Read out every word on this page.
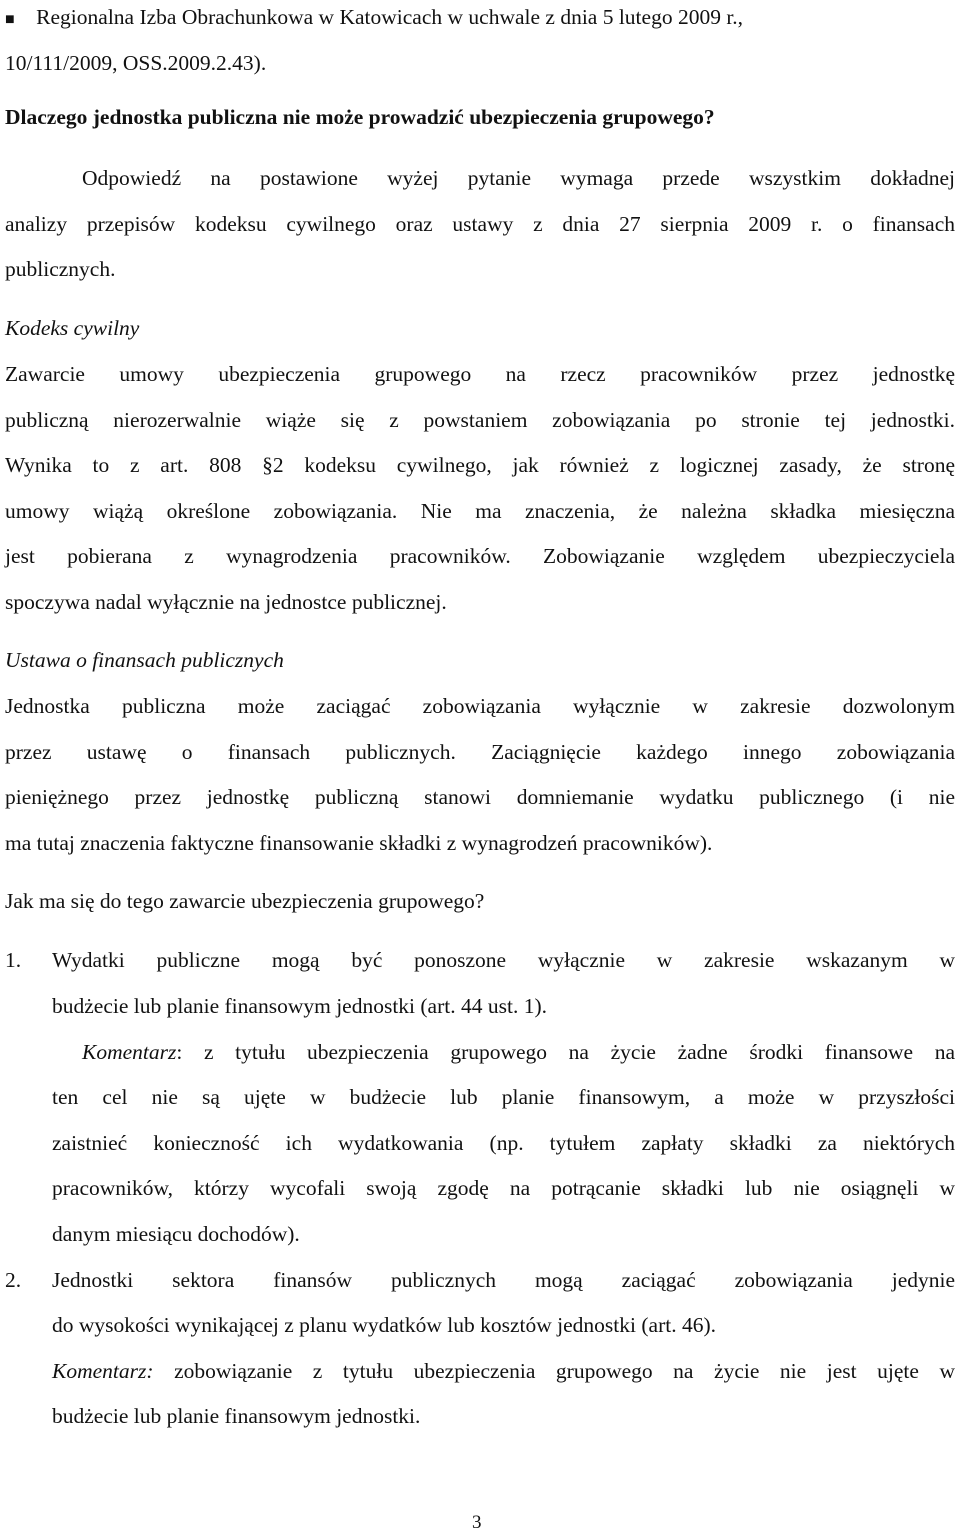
■ Regionalna Izba Obrachunkowa w Katowicach w uchwale z dnia 5 lutego 2009 r.,
10/111/2009, OSS.2009.2.43).
Dlaczego jednostka publiczna nie może prowadzić ubezpieczenia grupowego?
Odpowiedź na postawione wyżej pytanie wymaga przede wszystkim dokładnej
analizy przepisów kodeksu cywilnego oraz ustawy z dnia 27 sierpnia 2009 r. o finansach
publicznych.
Kodeks cywilny
Zawarcie umowy ubezpieczenia grupowego na rzecz pracowników przez jednostkę
publiczną nierozerwalnie wiąże się z powstaniem zobowiązania po stronie tej jednostki.
Wynika to z art. 808 §2 kodeksu cywilnego, jak również z logicznej zasady, że stronę
umowy wiążą określone zobowiązania. Nie ma znaczenia, że należna składka miesięczna
jest pobierana z wynagrodzenia pracowników. Zobowiązanie względem ubezpieczyciela
spoczywa nadal wyłącznie na jednostce publicznej.
Ustawa o finansach publicznych
Jednostka publiczna może zaciągać zobowiązania wyłącznie w zakresie dozwolonym
przez ustawę o finansach publicznych. Zaciągnięcie każdego innego zobowiązania
pieniężnego przez jednostkę publiczną stanowi domniemanie wydatku publicznego (i nie
ma tutaj znaczenia faktyczne finansowanie składki z wynagrodzeń pracowników).
Jak ma się do tego zawarcie ubezpieczenia grupowego?
1. Wydatki publiczne mogą być ponoszone wyłącznie w zakresie wskazanym w
budżecie lub planie finansowym jednostki (art. 44 ust. 1).
Komentarz: z tytułu ubezpieczenia grupowego na życie żadne środki finansowe na
ten cel nie są ujęte w budżecie lub planie finansowym, a może w przyszłości
zaistnieć konieczność ich wydatkowania (np. tytułem zapłaty składki za niektórych
pracowników, którzy wycofali swoją zgodę na potrącanie składki lub nie osiągnęli w
danym miesiącu dochodów).
2. Jednostki sektora finansów publicznych mogą zaciągać zobowiązania jedynie
do wysokości wynikającej z planu wydatków lub kosztów jednostki (art. 46).
Komentarz: zobowiązanie z tytułu ubezpieczenia grupowego na życie nie jest ujęte w
budżecie lub planie finansowym jednostki.
3
